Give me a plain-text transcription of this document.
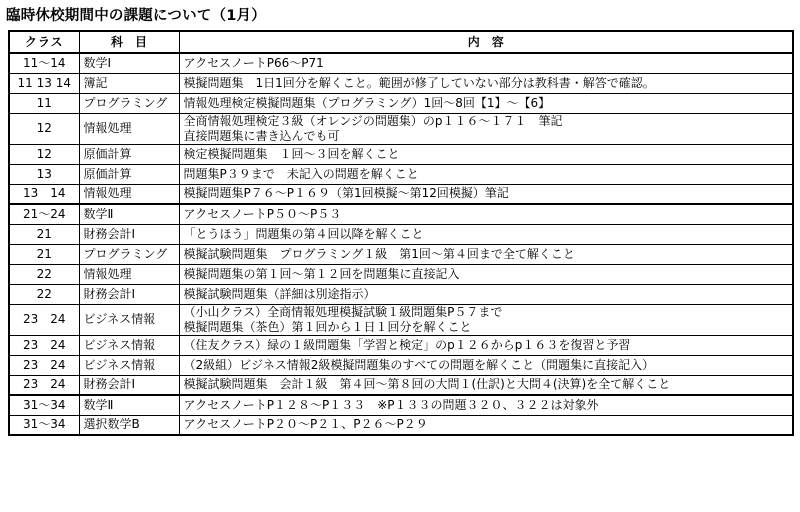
臨時休校期間中の課題について（1月）
クラス	科　目	内　容
11～14	数学Ⅰ	アクセスノートP66～P71
11 13 14	簿記	模擬問題集　1日1回分を解くこと。範囲が修了していない部分は教科書・解答で確認。
11	プログラミング	情報処理検定模擬問題集（プログラミング）1回～8回【1】～【6】
12	情報処理	全商情報処理検定３級（オレンジの問題集）のp１１６～１７１　筆記
直接問題集に書き込んでも可
12	原価計算	検定模擬問題集　１回～３回を解くこと
13	原価計算	問題集P３９まで　未記入の問題を解くこと
13　14	情報処理	模擬問題集P７６～P１６９（第1回模擬～第12回模擬）筆記
21～24	数学Ⅱ	アクセスノートP５０～P５３
21	財務会計Ⅰ	「とうほう」問題集の第４回以降を解くこと
21	プログラミング	模擬試験問題集　プログラミング１級　第1回～第４回まで全て解くこと
22	情報処理	模擬問題集の第１回～第１２回を問題集に直接記入
22	財務会計Ⅰ	模擬試験問題集（詳細は別途指示）
23　24	ビジネス情報	（小山クラス）全商情報処理模擬試験１級問題集P５７まで
模擬問題集（茶色）第１回から１日１回分を解くこと
23　24	ビジネス情報	（住友クラス）緑の１級問題集「学習と検定」のp１２６からp１６３を復習と予習
23　24	ビジネス情報	（2級組）ビジネス情報2級模擬問題集のすべての問題を解くこと（問題集に直接記入）
23　24	財務会計Ⅰ	模擬試験問題集　会計１級　第４回～第８回の大問１(仕訳)と大問４(決算)を全て解くこと
31～34	数学Ⅱ	アクセスノートP１２８～P１３３　※P１３３の問題３２０、３２２は対象外
31～34	選択数学B	アクセスノートP２０～P２１、P２６～P２９
